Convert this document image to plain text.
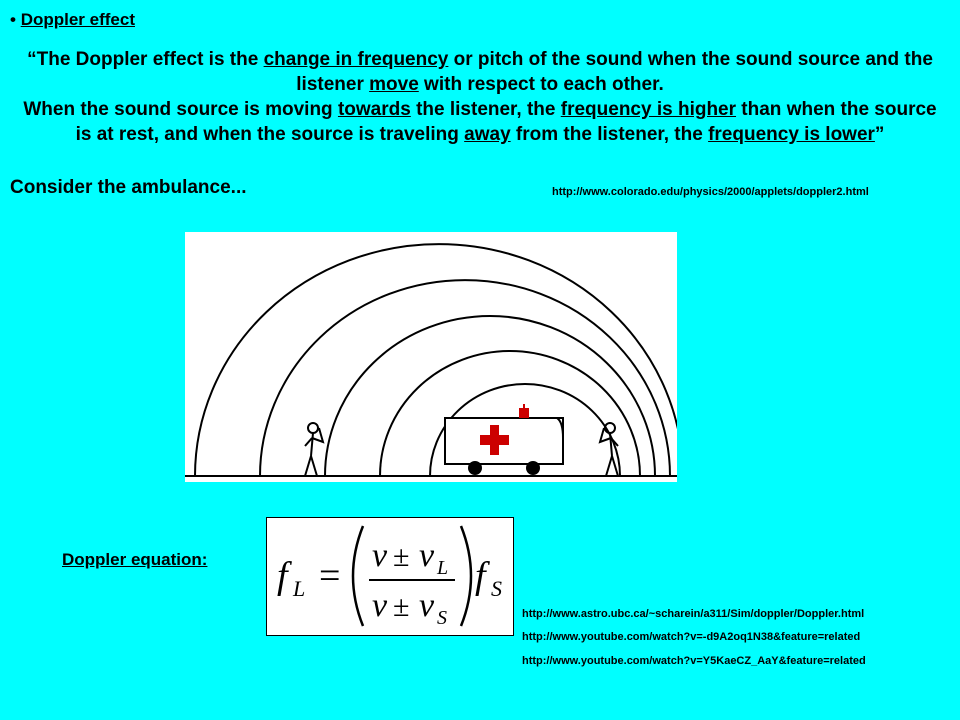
• Doppler effect
“The Doppler effect is the change in frequency or pitch of the sound when the sound source and the listener move with respect to each other.
When the sound source is moving towards the listener, the frequency is higher than when the source is at rest, and when the source is traveling away from the listener, the frequency is lower”
Consider the ambulance...	http://www.colorado.edu/physics/2000/applets/doppler2.html
Doppler equation: f L = v ± v L
v ± v S
f S
http://www.astro.ubc.ca/~scharein/a311/Sim/doppler/Doppler.html
http://www.youtube.com/watch?v=-d9A2oq1N38&feature=related
http://www.youtube.com/watch?v=Y5KaeCZ_AaY&feature=related
